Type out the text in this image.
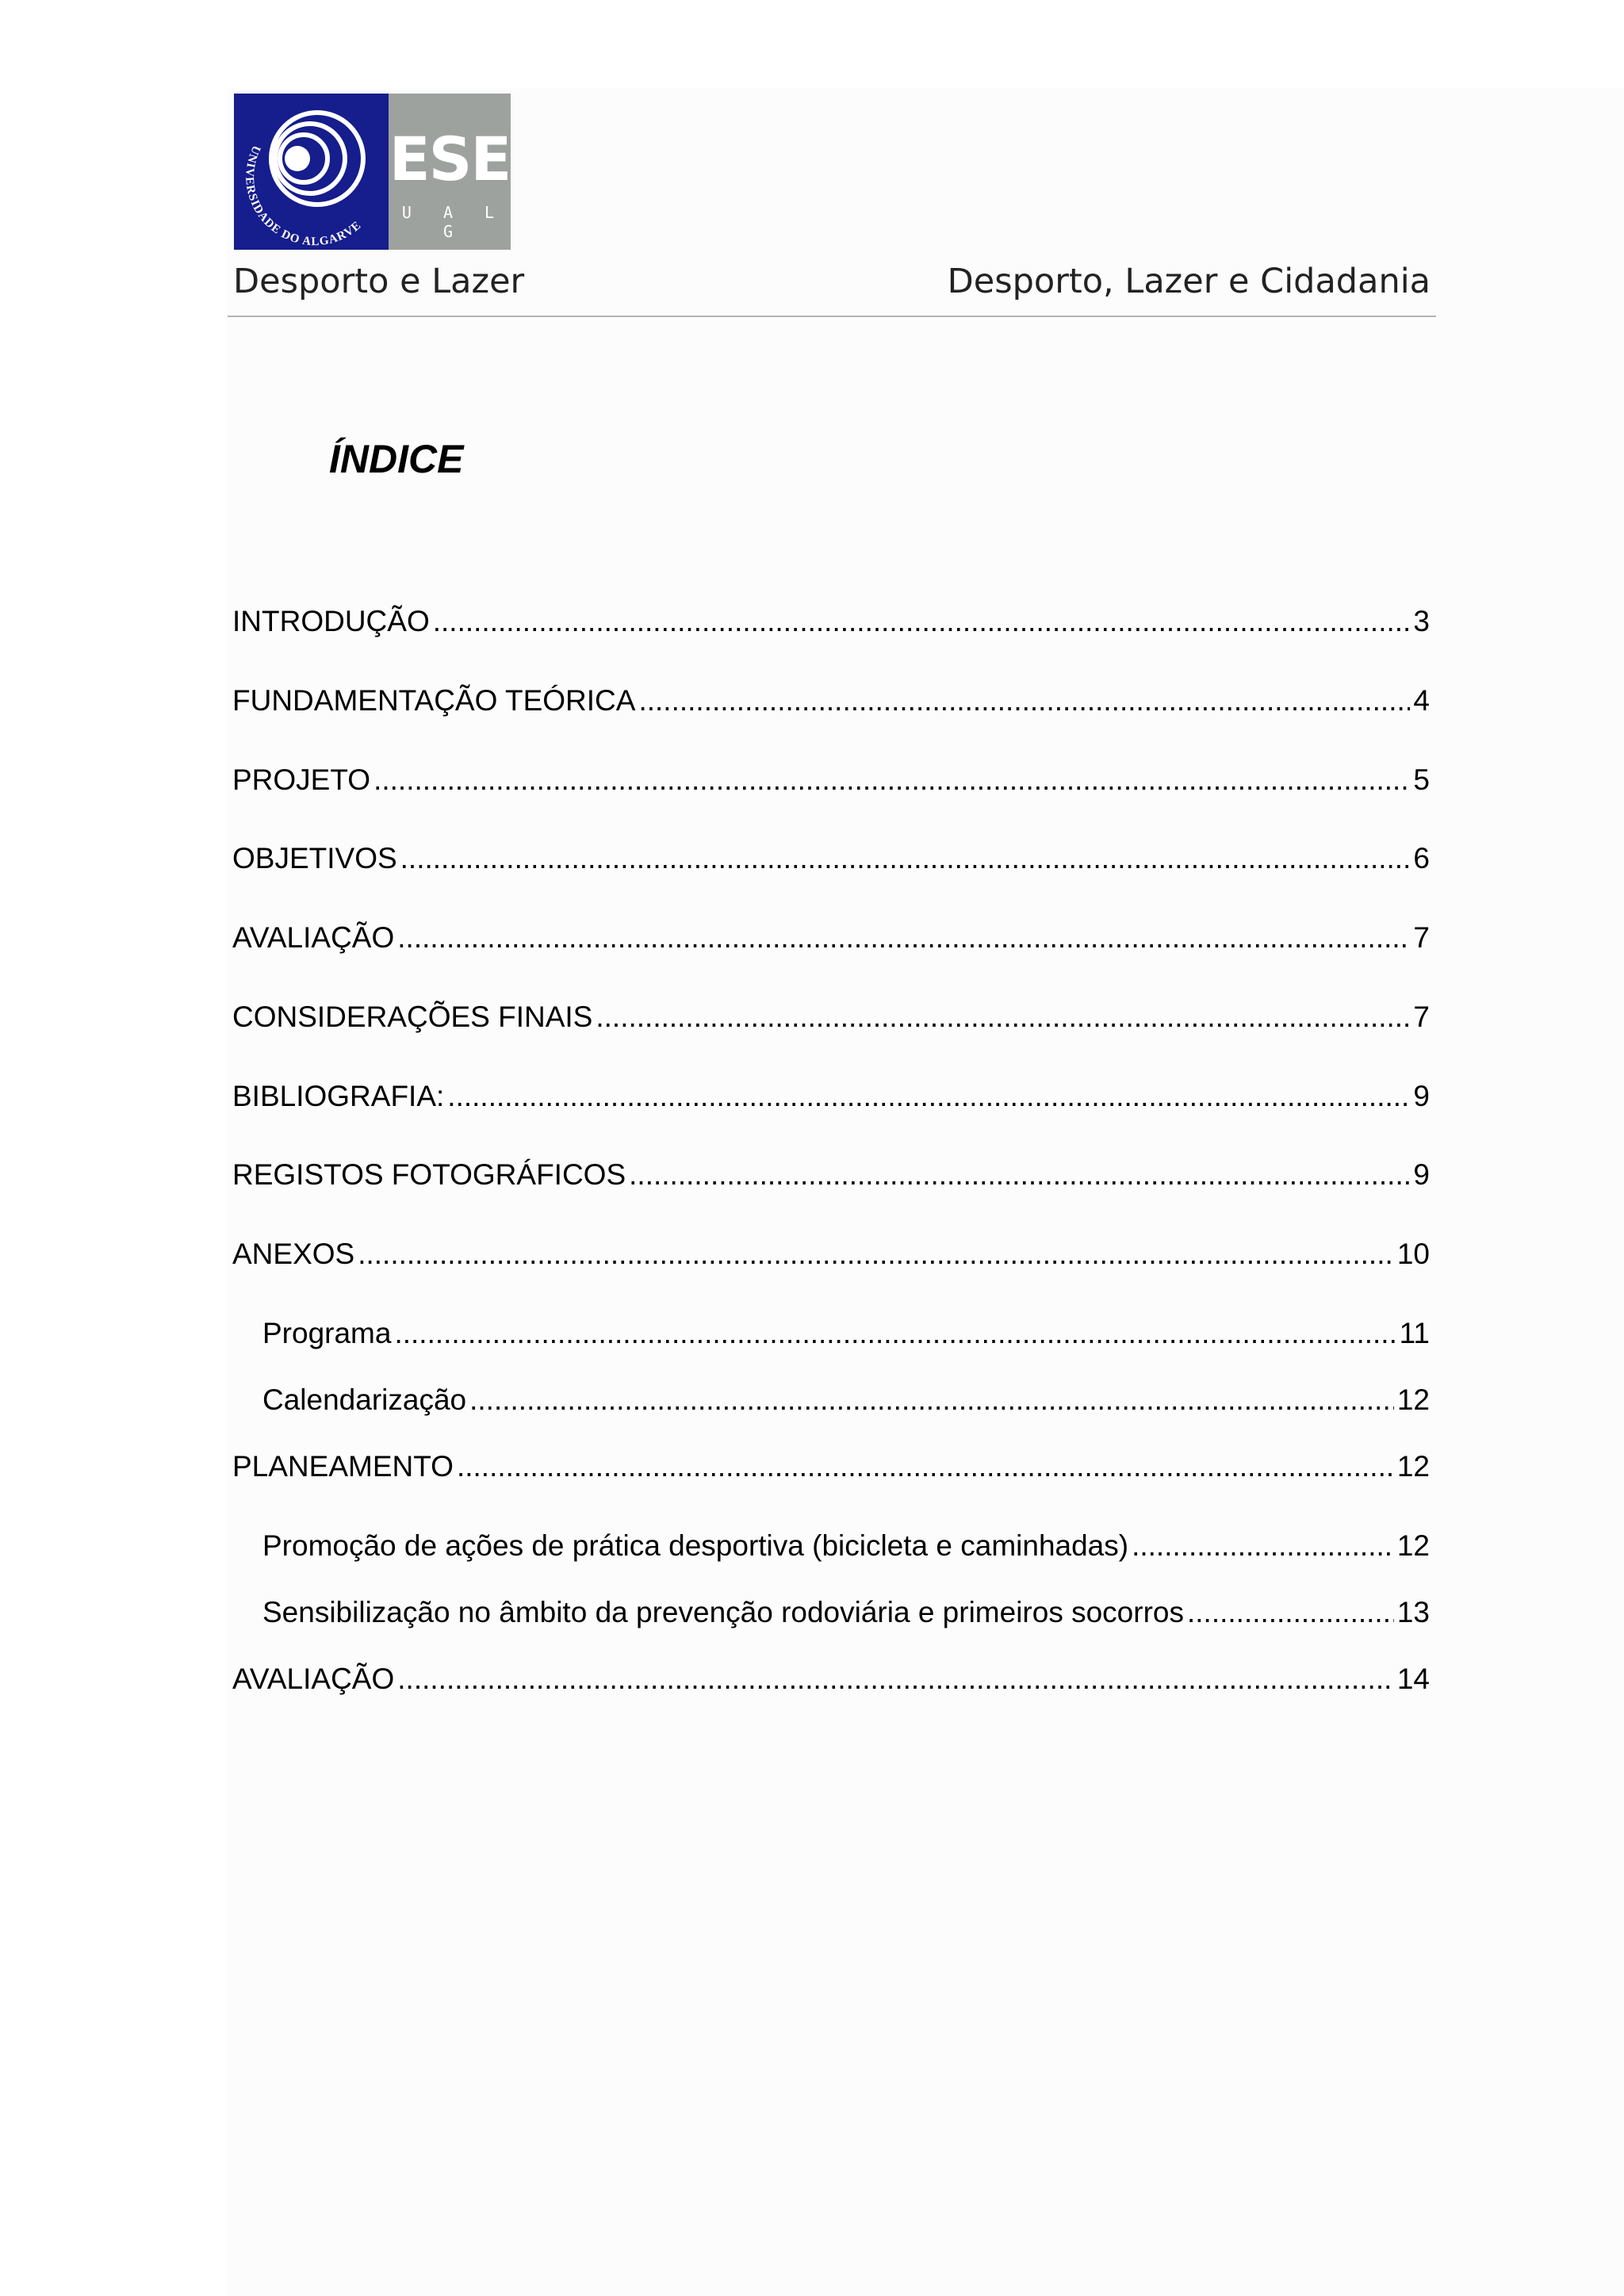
UNIVERSIDADE DO ALGARVE
ESE
U A L G
Desporto e Lazer	Desporto, Lazer e Cidadania
ÍNDICE
INTRODUÇÃO .....	3
FUNDAMENTAÇÃO TEÓRICA .....	4
PROJETO .....	5
OBJETIVOS .....	6
AVALIAÇÃO .....	7
CONSIDERAÇÕES FINAIS .....	7
BIBLIOGRAFIA: .....	9
REGISTOS FOTOGRÁFICOS .....	9
ANEXOS .....	10
Programa .....	11
Calendarização .....	12
PLANEAMENTO .....	12
Promoção de ações de prática desportiva (bicicleta e caminhadas) .....	12
Sensibilização no âmbito da prevenção rodoviária e primeiros socorros .....	13
AVALIAÇÃO .....	14
